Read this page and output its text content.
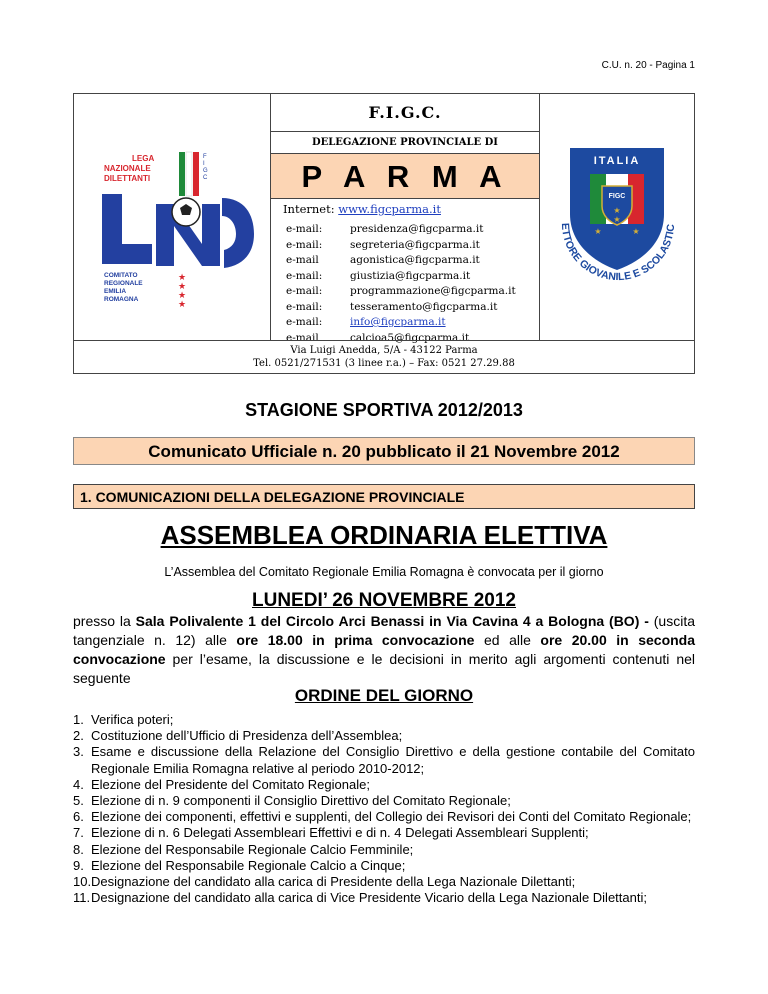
C.U. n. 20 - Pagina 1
LEGA
NAZIONALE
DILETTANTI
F
I
G
C
COMITATO
REGIONALE
EMILIA
ROMAGNA
★
★
★
★
F.I.G.C.
DELEGAZIONE PROVINCIALE DI
P A R M A
Internet: www.figcparma.it
e-mail:	presidenza@figcparma.it
e-mail:	segreteria@figcparma.it
e-mail	agonistica@figcparma.it
e-mail:	giustizia@figcparma.it
e-mail:	programmazione@figcparma.it
e-mail:	tesseramento@figcparma.it
e-mail:	info@figcparma.it
e-mail	calcioa5@figcparma.it
ITALIA
FIGC
★
★
★	★
ETTORE GIOVANILE E SCOLASTIC
Via Luigi Anedda, 5/A - 43122 Parma
Tel. 0521/271531 (3 linee r.a.) – Fax: 0521 27.29.88
STAGIONE SPORTIVA 2012/2013
Comunicato Ufficiale n. 20 pubblicato il 21 Novembre 2012
1. COMUNICAZIONI DELLA DELEGAZIONE PROVINCIALE
ASSEMBLEA ORDINARIA ELETTIVA
L’Assemblea del Comitato Regionale Emilia Romagna è convocata per il giorno
LUNEDI’ 26 NOVEMBRE 2012
presso la Sala Polivalente 1 del Circolo Arci Benassi in Via Cavina 4 a Bologna (BO) - (uscita tangenziale n. 12) alle ore 18.00 in prima convocazione ed alle ore 20.00 in seconda convocazione per l’esame, la discussione e le decisioni in merito agli argomenti contenuti nel seguente
ORDINE DEL GIORNO
1. Verifica poteri;
2. Costituzione dell’Ufficio di Presidenza dell’Assemblea;
3. Esame e discussione della Relazione del Consiglio Direttivo e della gestione contabile del Comitato Regionale Emilia Romagna relative al periodo 2010-2012;
4. Elezione del Presidente del Comitato Regionale;
5. Elezione di n. 9 componenti il Consiglio Direttivo del Comitato Regionale;
6. Elezione dei componenti, effettivi e supplenti, del Collegio dei Revisori dei Conti del Comitato Regionale;
7. Elezione di n. 6 Delegati Assembleari Effettivi e di n. 4 Delegati Assembleari Supplenti;
8. Elezione del Responsabile Regionale Calcio Femminile;
9. Elezione del Responsabile Regionale Calcio a Cinque;
10. Designazione del candidato alla carica di Presidente della Lega Nazionale Dilettanti;
11. Designazione del candidato alla carica di Vice Presidente Vicario della Lega Nazionale Dilettanti;
